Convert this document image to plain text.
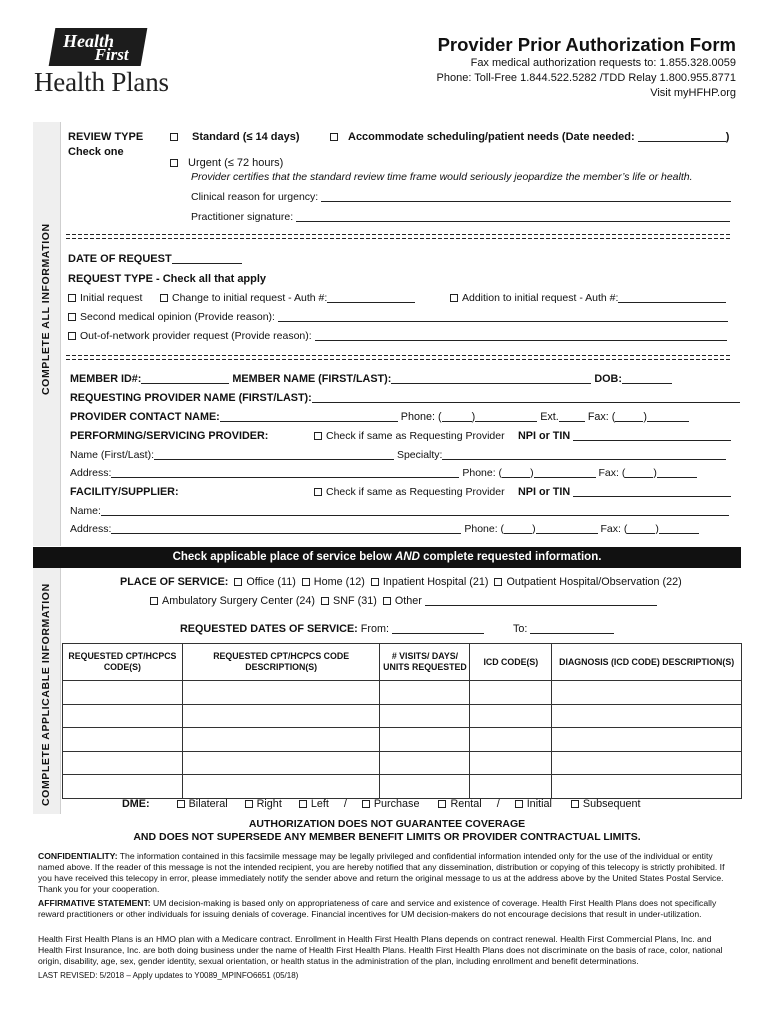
Health
First
Health Plans
Provider Prior Authorization Form
Fax medical authorization requests to: 1.855.328.0059
Phone: Toll-Free 1.844.522.5282 /TDD Relay 1.800.955.8771
Visit myHFHP.org
COMPLETE ALL INFORMATION
COMPLETE APPLICABLE INFORMATION
REVIEW TYPE
Check one
Standard (≤ 14 days)	Accommodate scheduling/patient needs (Date needed:	)
Urgent (≤ 72 hours)
Provider certifies that the standard review time frame would seriously jeopardize the member’s life or health.
Clinical reason for urgency:
Practitioner signature:
DATE OF REQUEST
REQUEST TYPE - Check all that apply
Initial request	Change to initial request - Auth #:	Addition to initial request - Auth #:
Second medical opinion (Provide reason):
Out-of-network provider request (Provide reason):
MEMBER ID#:	MEMBER NAME (FIRST/LAST):	DOB:
REQUESTING PROVIDER NAME (FIRST/LAST):
PROVIDER CONTACT NAME:	Phone: (	)	Ext.	Fax: (	)
PERFORMING/SERVICING PROVIDER:	Check if same as Requesting Provider NPI or TIN
Name (First/Last):	Specialty:
Address:	Phone: (	)	Fax: (	)
FACILITY/SUPPLIER:	Check if same as Requesting Provider NPI or TIN
Name:
Address:	Phone: (	)	Fax: (	)
Check applicable place of service below AND complete requested information.
PLACE OF SERVICE: Office (11) Home (12) Inpatient Hospital (21) Outpatient Hospital/Observation (22)
Ambulatory Surgery Center (24) SNF (31) Other
REQUESTED DATES OF SERVICE: From:	To:
REQUESTED CPT/HCPCS CODE(S)	REQUESTED CPT/HCPCS CODE DESCRIPTION(S)	# VISITS/ DAYS/ UNITS REQUESTED	ICD CODE(S)	DIAGNOSIS (ICD CODE) DESCRIPTION(S)

DME:	Bilateral	Right	Left /	Purchase	Rental /	Initial	Subsequent
AUTHORIZATION DOES NOT GUARANTEE COVERAGE
AND DOES NOT SUPERSEDE ANY MEMBER BENEFIT LIMITS OR PROVIDER CONTRACTUAL LIMITS.
CONFIDENTIALITY: The information contained in this facsimile message may be legally privileged and confidential information intended only for the use of the individual or entity named above. If the reader of this message is not the intended recipient, you are hereby notified that any dissemination, distribution or copying of this telecopy is strictly prohibited. If you have received this telecopy in error, please immediately notify the sender above and return the original message to us at the address above by the United States Postal Service. Thank you for your cooperation.
AFFIRMATIVE STATEMENT: UM decision-making is based only on appropriateness of care and service and existence of coverage. Health First Health Plans does not specifically reward practitioners or other individuals for issuing denials of coverage. Financial incentives for UM decision-makers do not encourage decisions that result in under-utilization.
Health First Health Plans is an HMO plan with a Medicare contract. Enrollment in Health First Health Plans depends on contract renewal. Health First Commercial Plans, Inc. and Health First Insurance, Inc. are both doing business under the name of Health First Health Plans. Health First Health Plans does not discriminate on the basis of race, color, national origin, disability, age, sex, gender identity, sexual orientation, or health status in the administration of the plan, including enrollment and benefit determinations.
LAST REVISED: 5/2018 – Apply updates to Y0089_MPINFO6651 (05/18)
